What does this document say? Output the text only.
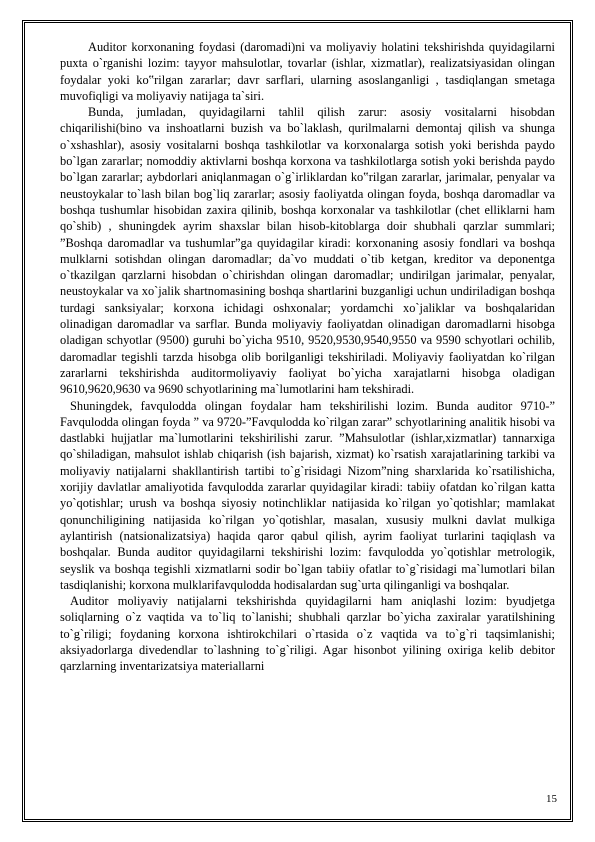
Auditor korxonaning foydasi (daromadi)ni va moliyaviy holatini tekshirishda quyidagilarni puxta o`rganishi lozim: tayyor mahsulotlar, tovarlar (ishlar, xizmatlar), realizatsiyasidan olingan foydalar yoki ko‟rilgan zararlar; davr sarflari, ularning asoslanganligi , tasdiqlangan smetaga muvofiqligi va moliyaviy natijaga ta`siri.

Bunda, jumladan, quyidagilarni tahlil qilish zarur: asosiy vositalarni hisobdan chiqarilishi(bino va inshoatlarni buzish va bo`laklash, qurilmalarni demontaj qilish va shunga o`xshashlar), asosiy vositalarni boshqa tashkilotlar va korxonalarga sotish yoki berishda paydo bo`lgan zararlar; nomoddiy aktivlarni boshqa korxona va tashkilotlarga sotish yoki berishda paydo bo`lgan zararlar; aybdorlari aniqlanmagan o`g`irliklardan ko‟rilgan zararlar, jarimalar, penyalar va neustoykalar to`lash bilan bog`liq zararlar; asosiy faoliyatda olingan foyda, boshqa daromadlar va boshqa tushumlar hisobidan zaxira qilinib, boshqa korxonalar va tashkilotlar (chet elliklarni ham qo`shib) , shuningdek ayrim shaxslar bilan hisob-kitoblarga doir shubhali qarzlar summlari; ”Boshqa daromadlar va tushumlar”ga quyidagilar kiradi: korxonaning asosiy fondlari va boshqa mulklarni sotishdan olingan daromadlar; da`vo muddati o`tib ketgan, kreditor va deponentga o`tkazilgan qarzlarni hisobdan o`chirishdan olingan daromadlar; undirilgan jarimalar, penyalar, neustoykalar va xo`jalik shartnomasining boshqa shartlarini buzganligi uchun undiriladigan boshqa turdagi sanksiyalar; korxona ichidagi oshxonalar; yordamchi xo`jaliklar va boshqalaridan olinadigan daromadlar va sarflar. Bunda moliyaviy faoliyatdan olinadigan daromadlarni hisobga oladigan schyotlar (9500) guruhi bo`yicha 9510, 9520,9530,9540,9550 va 9590 schyotlari ochilib, daromadlar tegishli tarzda hisobga olib borilganligi tekshiriladi. Moliyaviy faoliyatdan ko`rilgan zararlarni tekshirishda auditormoliyaviy faoliyat bo`yicha xarajatlarni hisobga oladigan 9610,9620,9630 va 9690 schyotlarining ma`lumotlarini ham tekshiradi.

Shuningdek, favqulodda olingan foydalar ham tekshirilishi lozim. Bunda auditor 9710-” Favqulodda olingan foyda ” va 9720-”Favqulodda ko`rilgan zarar” schyotlarining analitik hisobi va dastlabki hujjatlar ma`lumotlarini tekshirilishi zarur. ”Mahsulotlar (ishlar,xizmatlar) tannarxiga qo`shiladigan, mahsulot ishlab chiqarish (ish bajarish, xizmat) ko`rsatish xarajatlarining tarkibi va moliyaviy natijalarni shakllantirish tartibi to`g`risidagi Nizom”ning sharxlarida ko`rsatilishicha, xorijiy davlatlar amaliyotida favqulodda zararlar quyidagilar kiradi: tabiiy ofatdan ko`rilgan katta yo`qotishlar; urush va boshqa siyosiy notinchliklar natijasida ko`rilgan yo`qotishlar; mamlakat qonunchiligining natijasida ko`rilgan yo`qotishlar, masalan, xususiy mulkni davlat mulkiga aylantirish (natsionalizatsiya) haqida qaror qabul qilish, ayrim faoliyat turlarini taqiqlash va boshqalar. Bunda auditor quyidagilarni tekshirishi lozim: favqulodda yo`qotishlar metrologik, seyslik va boshqa tegishli xizmatlarni sodir bo`lgan tabiiy ofatlar to`g`risidagi ma`lumotlari bilan tasdiqlanishi; korxona mulklarifavqulodda hodisalardan sug`urta qilinganligi va boshqalar.

Auditor moliyaviy natijalarni tekshirishda quyidagilarni ham aniqlashi lozim: byudjetga soliqlarning o`z vaqtida va to`liq to`lanishi; shubhali qarzlar bo`yicha zaxiralar yaratilshining to`g`riligi; foydaning korxona ishtirokchilari o`rtasida o`z vaqtida va to`g`ri taqsimlanishi; aksiyadorlarga divedendlar to`lashning to`g`riligi. Agar hisonbot yilining oxiriga kelib debitor qarzlarning inventarizatsiya materiallarni

15
